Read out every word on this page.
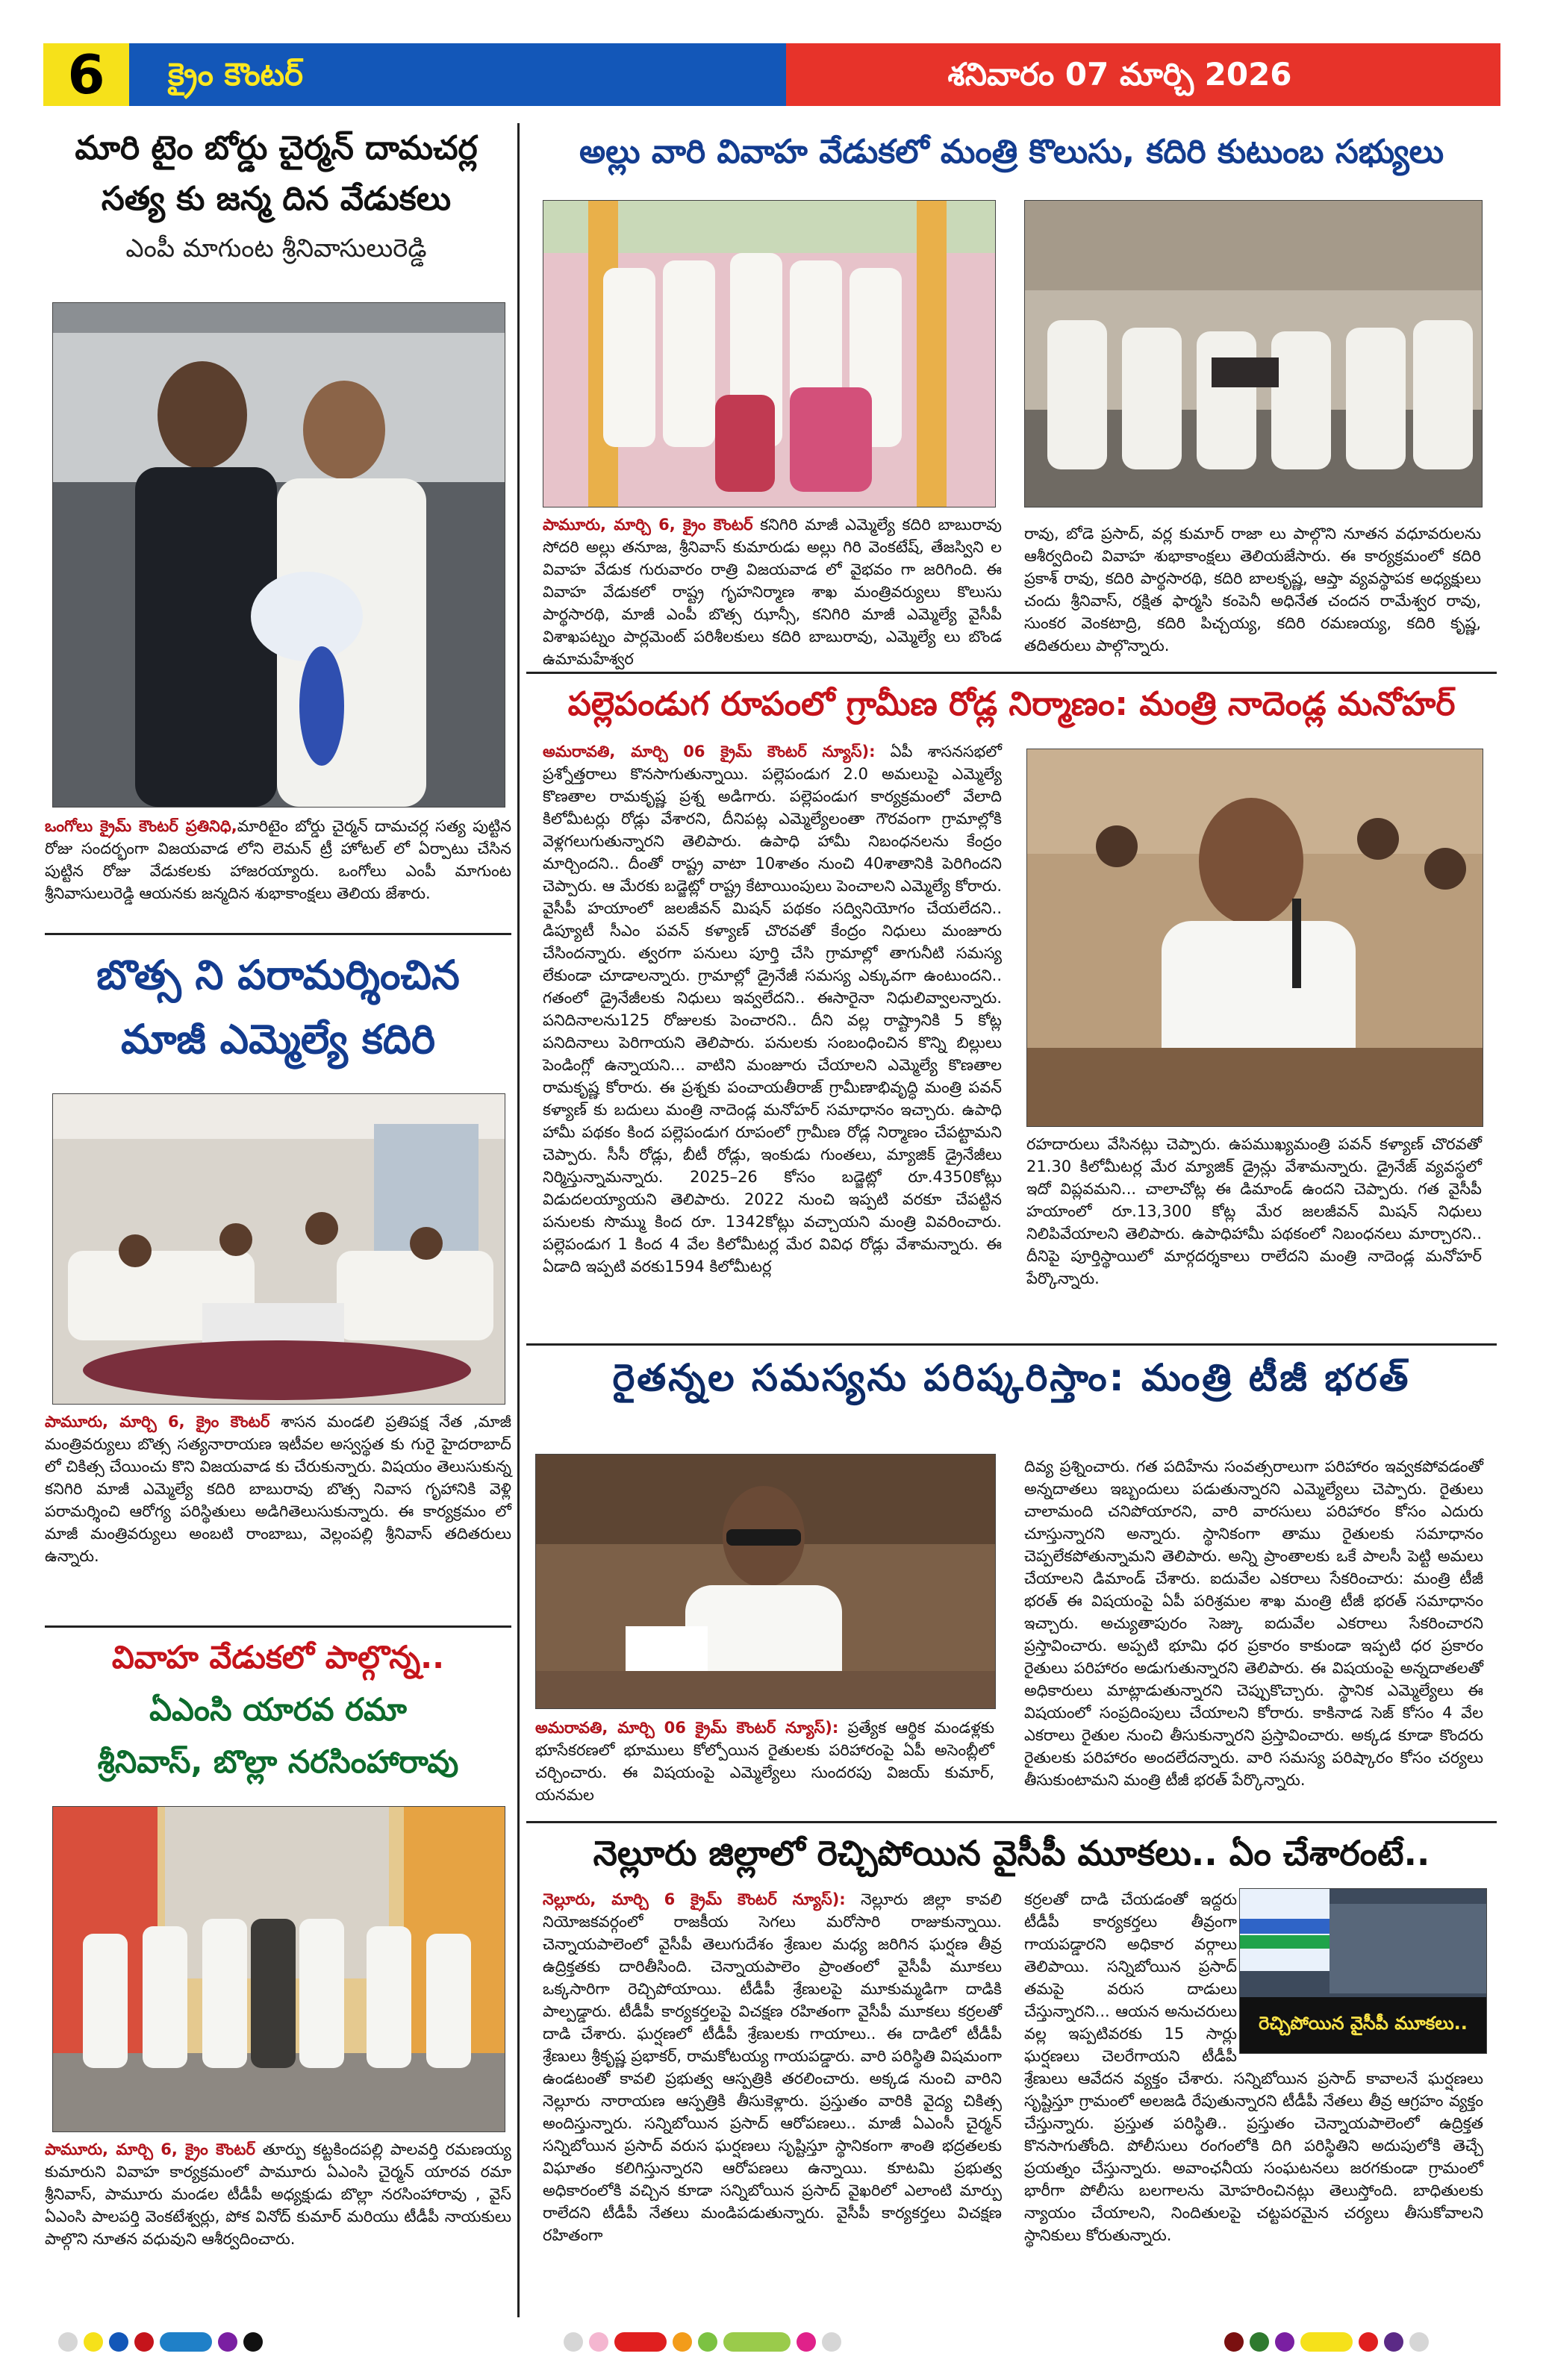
6	క్రైం కౌంటర్	శనివారం 07 మార్చి 2026
మారి టైం బోర్డు చైర్మన్ దామచర్ల
సత్య కు జన్మ దిన వేడుకలు
ఎంపీ మాగుంట శ్రీనివాసులురెడ్డి
ఒంగోలు క్రైమ్ కౌంటర్ ప్రతినిధి,మారిటైం బోర్డు చైర్మన్ దామచర్ల సత్య పుట్టిన రోజు సందర్భంగా విజయవాడ లోని లెమన్ ట్రీ హోటల్ లో ఏర్పాటు చేసిన పుట్టిన రోజు వేడుకలకు హాజరయ్యారు. ఒంగోలు ఎంపీ మాగుంట శ్రీనివాసులురెడ్డి ఆయనకు జన్మదిన శుభాకాంక్షలు తెలియ జేశారు.
బొత్స ని పరామర్శించిన
మాజీ ఎమ్మెల్యే కదిరి
పామూరు, మార్చి 6, క్రైం కౌంటర్ శాసన మండలి ప్రతిపక్ష నేత ,మాజీ మంత్రివర్యులు బొత్స సత్యనారాయణ ఇటీవల అస్వస్థత కు గురై హైదరాబాద్ లో చికిత్స చేయించు కొని విజయవాడ కు చేరుకున్నారు. విషయం తెలుసుకున్న కనిగిరి మాజీ ఎమ్మెల్యే కదిరి బాబురావు బొత్స నివాస గృహానికి వెళ్లి పరామర్శించి ఆరోగ్య పరిస్థితులు అడిగితెలుసుకున్నారు. ఈ కార్యక్రమం లో మాజీ మంత్రివర్యులు అంబటి రాంబాబు, వెల్లంపల్లి శ్రీనివాస్ తదితరులు ఉన్నారు.
వివాహ వేడుకలో పాల్గొన్న..
ఏఎంసి యారవ రమా
శ్రీనివాస్, బొల్లా నరసింహారావు
పామూరు, మార్చి 6, క్రైం కౌంటర్ తూర్పు కట్టకిందపల్లి పాలవర్తి రమణయ్య కుమారుని వివాహ కార్యక్రమంలో పామూరు ఏఎంసి చైర్మన్ యారవ రమా శ్రీనివాస్, పామూరు మండల టీడీపీ అధ్యక్షుడు బొల్లా నరసింహారావు , వైస్ ఏఎంసి పాలపర్తి వెంకటేశ్వర్లు, పోక వినోద్ కుమార్ మరియు టీడీపీ నాయకులు పాల్గొని నూతన వధువుని ఆశీర్వదించారు.
అల్లు వారి వివాహ వేడుకలో మంత్రి కొలుసు, కదిరి కుటుంబ సభ్యులు
పామూరు, మార్చి 6, క్రైం కౌంటర్ కనిగిరి మాజీ ఎమ్మెల్యే కదిరి బాబురావు సోదరి అల్లు తనూజ, శ్రీనివాస్ కుమారుడు అల్లు గిరి వెంకటేష్, తేజస్విని ల వివాహ వేడుక గురువారం రాత్రి విజయవాడ లో వైభవం గా జరిగింది. ఈ వివాహ వేడుకలో రాష్ట్ర గృహనిర్మాణ శాఖ మంత్రివర్యులు కొలుసు పార్థసారథి, మాజీ ఎంపీ బొత్స ఝాన్సీ, కనిగిరి మాజీ ఎమ్మెల్యే వైసీపీ విశాఖపట్నం పార్లమెంట్ పరిశీలకులు కదిరి బాబురావు, ఎమ్మెల్యే లు బొండ ఉమామహేశ్వర
రావు, బోడె ప్రసాద్, వర్ల కుమార్ రాజా లు పాల్గొని నూతన వధూవరులను ఆశీర్వదించి వివాహ శుభాకాంక్షలు తెలియజేసారు. ఈ కార్యక్రమంలో కదిరి ప్రకాశ్ రావు, కదిరి పార్థసారథి, కదిరి బాలకృష్ణ, ఆప్తా వ్యవస్థాపక అధ్యక్షులు చందు శ్రీనివాస్, రక్షిత ఫార్మసి కంపెనీ అధినేత చందన రామేశ్వర రావు, సుంకర వెంకటాద్రి, కదిరి పిచ్చయ్య, కదిరి రమణయ్య, కదిరి కృష్ణ, తదితరులు పాల్గొన్నారు.
పల్లెపండుగ రూపంలో గ్రామీణ రోడ్ల నిర్మాణం: మంత్రి నాదెండ్ల మనోహర్
అమరావతి, మార్చి 06 క్రైమ్ కౌంటర్ న్యూస్): ఏపీ శాసనసభలో ప్రశ్నోత్తరాలు కొనసాగుతున్నాయి. పల్లెపండుగ 2.0 అమలుపై ఎమ్మెల్యే కొణతాల రామకృష్ణ ప్రశ్న అడిగారు. పల్లెపండుగ కార్యక్రమంలో వేలాది కిలోమీటర్లు రోడ్లు వేశారని, దీనిపట్ల ఎమ్మెల్యేలంతా గౌరవంగా గ్రామాల్లోకి వెళ్లగలుగుతున్నారని తెలిపారు. ఉపాధి హామీ నిబంధనలను కేంద్రం మార్చిందని.. దీంతో రాష్ట్ర వాటా 10శాతం నుంచి 40శాతానికి పెరిగిందని చెప్పారు. ఆ మేరకు బడ్జెట్లో రాష్ట్ర కేటాయింపులు పెంచాలని ఎమ్మెల్యే కోరారు. వైసీపీ హయాంలో జలజీవన్ మిషన్ పథకం సద్వినియోగం చేయలేదని.. డిప్యూటీ సీఎం పవన్ కళ్యాణ్ చొరవతో కేంద్రం నిధులు మంజూరు చేసిందన్నారు. త్వరగా పనులు పూర్తి చేసి గ్రామాల్లో తాగునీటి సమస్య లేకుండా చూడాలన్నారు. గ్రామాల్లో డ్రైనేజీ సమస్య ఎక్కువగా ఉంటుందని.. గతంలో డ్రైనేజీలకు నిధులు ఇవ్వలేదని.. ఈసారైనా నిధులివ్వాలన్నారు. పనిదినాలను125 రోజులకు పెంచారని.. దీని వల్ల రాష్ట్రానికి 5 కోట్ల పనిదినాలు పెరిగాయని తెలిపారు. పనులకు సంబంధించిన కొన్ని బిల్లులు పెండింగ్లో ఉన్నాయని... వాటిని మంజూరు చేయాలని ఎమ్మెల్యే కొణతాల రామకృష్ణ కోరారు. ఈ ప్రశ్నకు పంచాయతీరాజ్ గ్రామీణాభివృద్ధి మంత్రి పవన్ కళ్యాణ్ కు బదులు మంత్రి నాదెండ్ల మనోహర్ సమాధానం ఇచ్చారు. ఉపాధి హామీ పథకం కింద పల్లెపండుగ రూపంలో గ్రామీణ రోడ్ల నిర్మాణం చేపట్టామని చెప్పారు. సీసీ రోడ్లు, బీటీ రోడ్లు, ఇంకుడు గుంతలు, మ్యాజిక్ డ్రైనేజీలు నిర్మిస్తున్నామన్నారు. 2025–26 కోసం బడ్జెట్లో రూ.4350కోట్లు విడుదలయ్యాయని తెలిపారు. 2022 నుంచి ఇప్పటి వరకూ చేపట్టిన పనులకు సొమ్ము కింద రూ. 1342కోట్లు వచ్చాయని మంత్రి వివరించారు. పల్లెపండుగ 1 కింద 4 వేల కిలోమీటర్ల మేర వివిధ రోడ్లు వేశామన్నారు. ఈ ఏడాది ఇప్పటి వరకు1594 కిలోమీటర్ల
రహదారులు వేసినట్లు చెప్పారు. ఉపముఖ్యమంత్రి పవన్ కళ్యాణ్ చొరవతో 21.30 కిలోమీటర్ల మేర మ్యాజిక్ డ్రైన్లు వేశామన్నారు. డ్రైనేజ్ వ్యవస్థలో ఇదో విప్లవమని... చాలాచోట్ల ఈ డిమాండ్ ఉందని చెప్పారు. గత వైసీపీ హయాంలో రూ.13,300 కోట్ల మేర జలజీవన్ మిషన్ నిధులు నిలిపివేయాలని తెలిపారు. ఉపాధిహామీ పథకంలో నిబంధనలు మార్చారని.. దీనిపై పూర్తిస్థాయిలో మార్గదర్శకాలు రాలేదని మంత్రి నాదెండ్ల మనోహర్ పేర్కొన్నారు.
రైతన్నల సమస్యను పరిష్కరిస్తాం: మంత్రి టీజీ భరత్
అమరావతి, మార్చి 06 క్రైమ్ కౌంటర్ న్యూస్): ప్రత్యేక ఆర్థిక మండళ్లకు భూసేకరణలో భూములు కోల్పోయిన రైతులకు పరిహారంపై ఏపీ అసెంబ్లీలో చర్చించారు. ఈ విషయంపై ఎమ్మెల్యేలు సుందరపు విజయ్ కుమార్, యనమల
దివ్య ప్రశ్నించారు. గత పదిహేను సంవత్సరాలుగా పరిహారం ఇవ్వకపోవడంతో అన్నదాతలు ఇబ్బందులు పడుతున్నారని ఎమ్మెల్యేలు చెప్పారు. రైతులు చాలామంది చనిపోయారని, వారి వారసులు పరిహారం కోసం ఎదురు చూస్తున్నారని అన్నారు. స్థానికంగా తాము రైతులకు సమాధానం చెప్పలేకపోతున్నామని తెలిపారు. అన్ని ప్రాంతాలకు ఒకే పాలసీ పెట్టి అమలు చేయాలని డిమాండ్ చేశారు. ఐదువేల ఎకరాలు సేకరించారు: మంత్రి టీజీ భరత్ ఈ విషయంపై ఏపీ పరిశ్రమల శాఖ మంత్రి టీజీ భరత్ సమాధానం ఇచ్చారు. అచ్యుతాపురం సెజ్కు ఐదువేల ఎకరాలు సేకరించారని ప్రస్తావించారు. అప్పటి భూమి ధర ప్రకారం కాకుండా ఇప్పటి ధర ప్రకారం రైతులు పరిహారం అడుగుతున్నారని తెలిపారు. ఈ విషయంపై అన్నదాతలతో అధికారులు మాట్లాడుతున్నారని చెప్పుకొచ్చారు. స్థానిక ఎమ్మెల్యేలు ఈ విషయంలో సంప్రదింపులు చేయాలని కోరారు. కాకినాడ సెజ్ కోసం 4 వేల ఎకరాలు రైతుల నుంచి తీసుకున్నారని ప్రస్తావించారు. అక్కడ కూడా కొందరు రైతులకు పరిహారం అందలేదన్నారు. వారి సమస్య పరిష్కారం కోసం చర్యలు తీసుకుంటామని మంత్రి టీజీ భరత్ పేర్కొన్నారు.
నెల్లూరు జిల్లాలో రెచ్చిపోయిన వైసీపీ మూకలు.. ఏం చేశారంటే..
నెల్లూరు, మార్చి 6 క్రైమ్ కౌంటర్ న్యూస్): నెల్లూరు జిల్లా కావలి నియోజకవర్గంలో రాజకీయ సెగలు మరోసారి రాజుకున్నాయి. చెన్నాయపాలెంలో వైసీపీ తెలుగుదేశం శ్రేణుల మధ్య జరిగిన ఘర్షణ తీవ్ర ఉద్రిక్తతకు దారితీసింది. చెన్నాయపాలెం ప్రాంతంలో వైసీపీ మూకలు ఒక్కసారిగా రెచ్చిపోయాయి. టీడీపీ శ్రేణులపై మూకుమ్మడిగా దాడికి పాల్పడ్డారు. టీడీపీ కార్యకర్తలపై విచక్షణ రహితంగా వైసీపీ మూకలు కర్రలతో దాడి చేశారు. ఘర్షణలో టీడీపీ శ్రేణులకు గాయాలు.. ఈ దాడిలో టీడీపీ శ్రేణులు శ్రీకృష్ణ ప్రభాకర్, రామకోటయ్య గాయపడ్డారు. వారి పరిస్థితి విషమంగా ఉండటంతో కావలి ప్రభుత్వ ఆస్పత్రికి తరలించారు. అక్కడ నుంచి వారిని నెల్లూరు నారాయణ ఆస్పత్రికి తీసుకెళ్లారు. ప్రస్తుతం వారికి వైద్య చికిత్స అందిస్తున్నారు. సన్నిబోయిన ప్రసాద్ ఆరోపణలు.. మాజీ ఏఎంసీ చైర్మన్ సన్నిబోయిన ప్రసాద్ వరుస ఘర్షణలు సృష్టిస్తూ స్థానికంగా శాంతి భద్రతలకు విఘాతం కలిగిస్తున్నారని ఆరోపణలు ఉన్నాయి. కూటమి ప్రభుత్వ అధికారంలోకి వచ్చిన కూడా సన్నిబోయిన ప్రసాద్ వైఖరిలో ఎలాంటి మార్పు రాలేదని టీడీపీ నేతలు మండిపడుతున్నారు. వైసీపీ కార్యకర్తలు విచక్షణ రహితంగా
రెచ్చిపోయిన వైసీపీ మూకలు..
కర్రలతో దాడి చేయడంతో ఇద్దరు టీడీపీ కార్యకర్తలు తీవ్రంగా గాయపడ్డారని అధికార వర్గాలు తెలిపాయి. సన్నిబోయిన ప్రసాద్ తమపై వరుస దాడులు చేస్తున్నారని... ఆయన అనుచరులు వల్ల ఇప్పటివరకు 15 సార్లు ఘర్షణలు చెలరేగాయని టీడీపీ శ్రేణులు ఆవేదన వ్యక్తం చేశారు. సన్నిబోయిన ప్రసాద్ కావాలనే ఘర్షణలు సృష్టిస్తూ గ్రామంలో అలజడి రేపుతున్నారని టీడీపీ నేతలు తీవ్ర ఆగ్రహం వ్యక్తం చేస్తున్నారు. ప్రస్తుత పరిస్థితి.. ప్రస్తుతం చెన్నాయపాలెంలో ఉద్రిక్తత కొనసాగుతోంది. పోలీసులు రంగంలోకి దిగి పరిస్థితిని అదుపులోకి తెచ్చే ప్రయత్నం చేస్తున్నారు. అవాంఛనీయ సంఘటనలు జరగకుండా గ్రామంలో భారీగా పోలీసు బలగాలను మోహరించినట్లు తెలుస్తోంది. బాధితులకు న్యాయం చేయాలని, నిందితులపై చట్టపరమైన చర్యలు తీసుకోవాలని స్థానికులు కోరుతున్నారు.
